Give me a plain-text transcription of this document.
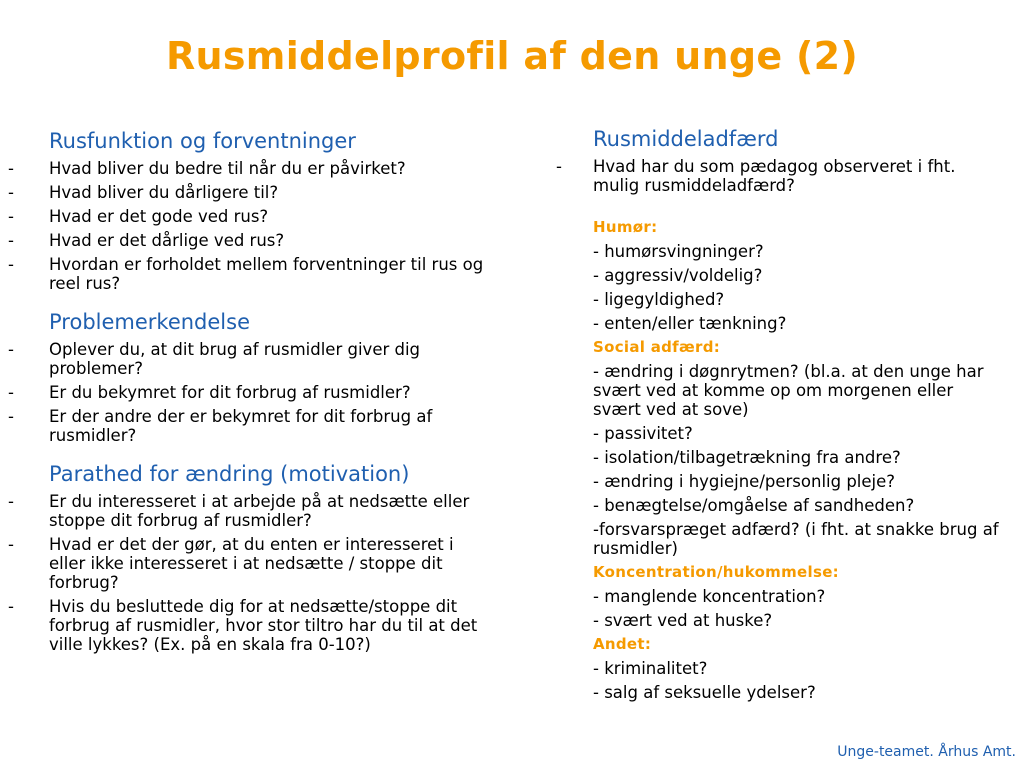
Rusmiddelprofil af den unge (2)
Rusfunktion og forventninger
-	Hvad bliver du bedre til når du er påvirket?
-	Hvad bliver du dårligere til?
-	Hvad er det gode ved rus?
-	Hvad er det dårlige ved rus?
-	Hvordan er forholdet mellem forventninger til rus og reel rus?
Problemerkendelse
-	Oplever du, at dit brug af rusmidler giver dig problemer?
-	Er du bekymret for dit forbrug af rusmidler?
-	Er der andre der er bekymret for dit forbrug af rusmidler?
Parathed for ændring (motivation)
-	Er du interesseret i at arbejde på at nedsætte eller stoppe dit forbrug af rusmidler?
-	Hvad er det der gør, at du enten er interesseret i eller ikke interesseret i at nedsætte / stoppe dit forbrug?
-	Hvis du besluttede dig for at nedsætte/stoppe dit forbrug af rusmidler, hvor stor tiltro har du til at det ville lykkes? (Ex. på en skala fra 0-10?)
Rusmiddeladfærd
-	Hvad har du som pædagog observeret i fht. mulig rusmiddeladfærd?
Humør:
- humørsvingninger?
- aggressiv/voldelig?
- ligegyldighed?
- enten/eller tænkning?
Social adfærd:
- ændring i døgnrytmen? (bl.a. at den unge har svært ved at komme op om morgenen eller svært ved at sove)
- passivitet?
- isolation/tilbagetrækning fra andre?
- ændring i hygiejne/personlig pleje?
- benægtelse/omgåelse af sandheden?
-forsvarspræget adfærd? (i fht. at snakke brug af rusmidler)
Koncentration/hukommelse:
- manglende koncentration?
- svært ved at huske?
Andet:
- kriminalitet?
- salg af seksuelle ydelser?
Unge-teamet. Århus Amt.
